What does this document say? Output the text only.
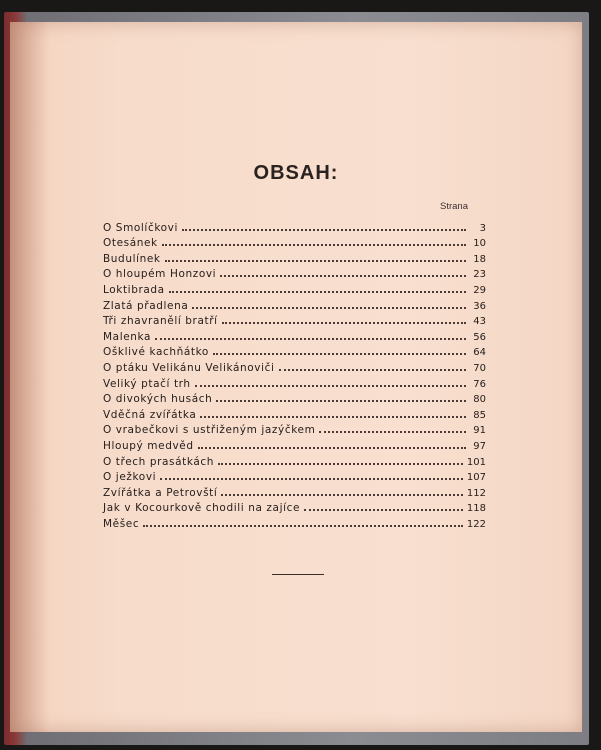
OBSAH:
Strana
O Smolíčkovi	3
Otesánek	10
Budulínek	18
O hloupém Honzovi	23
Loktibrada	29
Zlatá přadlena	36
Tři zhavranělí bratří	43
Malenka	56
Ošklivé kachňátko	64
O ptáku Velikánu Velikánoviči	70
Veliký ptačí trh	76
O divokých husách	80
Vděčná zvířátka	85
O vrabečkovi s ustřiženým jazýčkem	91
Hloupý medvěd	97
O třech prasátkách	101
O ježkovi	107
Zvířátka a Petrovští	112
Jak v Kocourkově chodili na zajíce	118
Měšec	122
